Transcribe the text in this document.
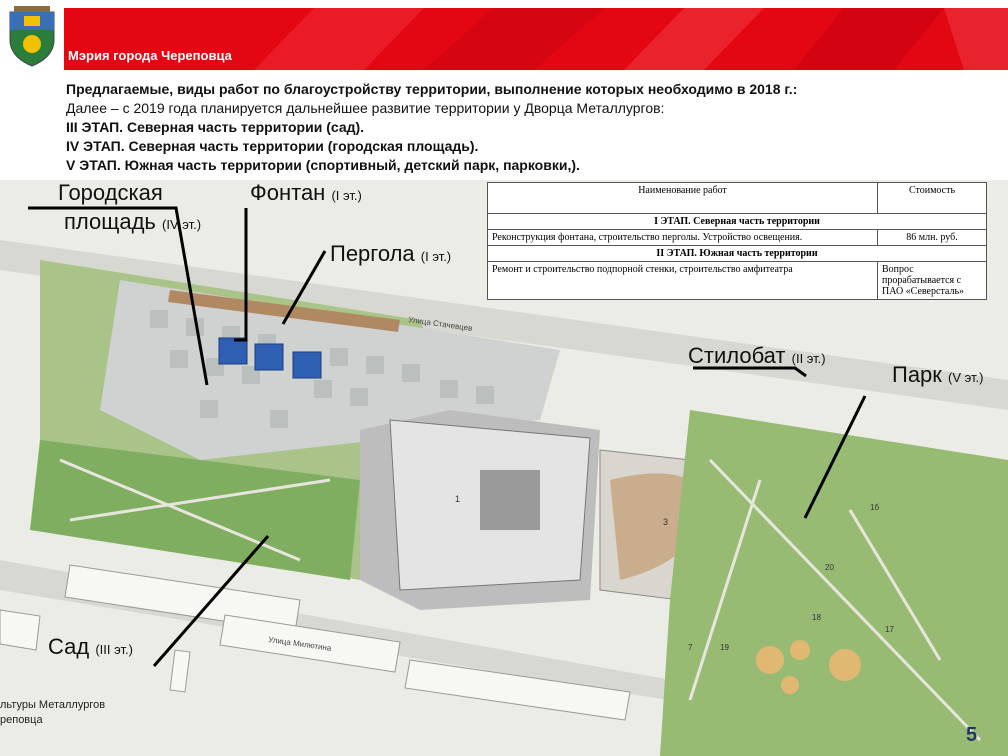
Мэрия города Череповца
Предлагаемые, виды работ по благоустройству территории, выполнение которых необходимо в 2018 г.:
Далее – с 2019 года планируется дальнейшее развитие территории у Дворца Металлургов:
III ЭТАП. Северная часть территории (сад).
IV ЭТАП. Северная часть территории (городская площадь).
V ЭТАП. Южная часть территории (спортивный, детский парк, парковки,).
Улица Стачевцев
Улица Милютина
1
3
7
1б
17
18
19
20
Городская
площадь (IV эт.)
Фонтан (I эт.)
Пергола (I эт.)
Стилобат (II эт.)
Парк (V эт.)
Сад (III эт.)
Наименование работ	Стоимость
I ЭТАП. Северная часть территории	
Реконструкция фонтана, строительство перголы. Устройство освещения.	86 млн. руб.
II ЭТАП. Южная часть территории	
Ремонт и строительство подпорной стенки, строительство амфитеатра	Вопрос прорабатывается с ПАО «Северсталь»
льтуры Металлургов
реповца
5
